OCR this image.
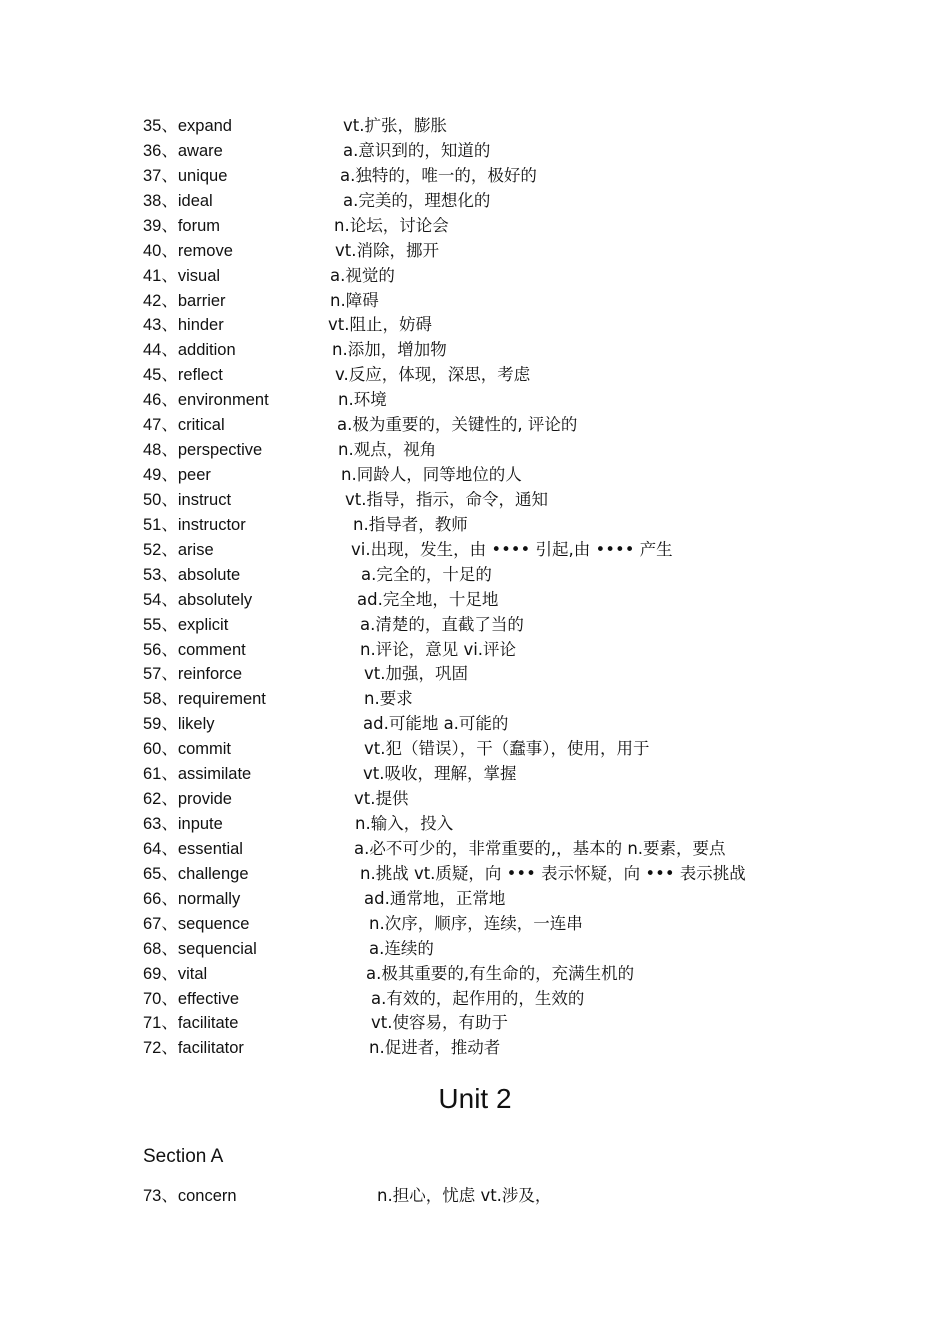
35、expand	vt.扩张，膨胀
36、aware	a.意识到的，知道的
37、unique	a.独特的，唯一的，极好的
38、ideal	a.完美的，理想化的
39、forum	n.论坛，讨论会
40、remove	vt.消除，挪开
41、visual	a.视觉的
42、barrier	n.障碍
43、hinder	vt.阻止，妨碍
44、addition	n.添加，增加物
45、reflect	v.反应，体现，深思，考虑
46、environment	n.环境
47、critical	a.极为重要的，关键性的, 评论的
48、perspective	n.观点，视角
49、peer	n.同龄人，同等地位的人
50、instruct	vt.指导，指示，命令，通知
51、instructor	n.指导者，教师
52、arise	vi.出现，发生，由 •••• 引起,由 •••• 产生
53、absolute	a.完全的，十足的
54、absolutely	ad.完全地，十足地
55、explicit	a.清楚的，直截了当的
56、comment	n.评论，意见 vi.评论
57、reinforce	vt.加强，巩固
58、requirement	n.要求
59、likely	ad.可能地 a.可能的
60、commit	vt.犯（错误），干（蠢事），使用，用于
61、assimilate	vt.吸收，理解，掌握
62、provide	vt.提供
63、inpute	n.输入，投入
64、essential	a.必不可少的，非常重要的,，基本的 n.要素，要点
65、challenge	n.挑战 vt.质疑，向 ••• 表示怀疑，向 ••• 表示挑战
66、normally	ad.通常地，正常地
67、sequence	n.次序，顺序，连续，一连串
68、sequencial	a.连续的
69、vital	a.极其重要的,有生命的，充满生机的
70、effective	a.有效的，起作用的，生效的
71、facilitate	vt.使容易，有助于
72、facilitator	n.促进者，推动者
Unit 2
Section A
73、concern	n.担心，忧虑 vt.涉及，
